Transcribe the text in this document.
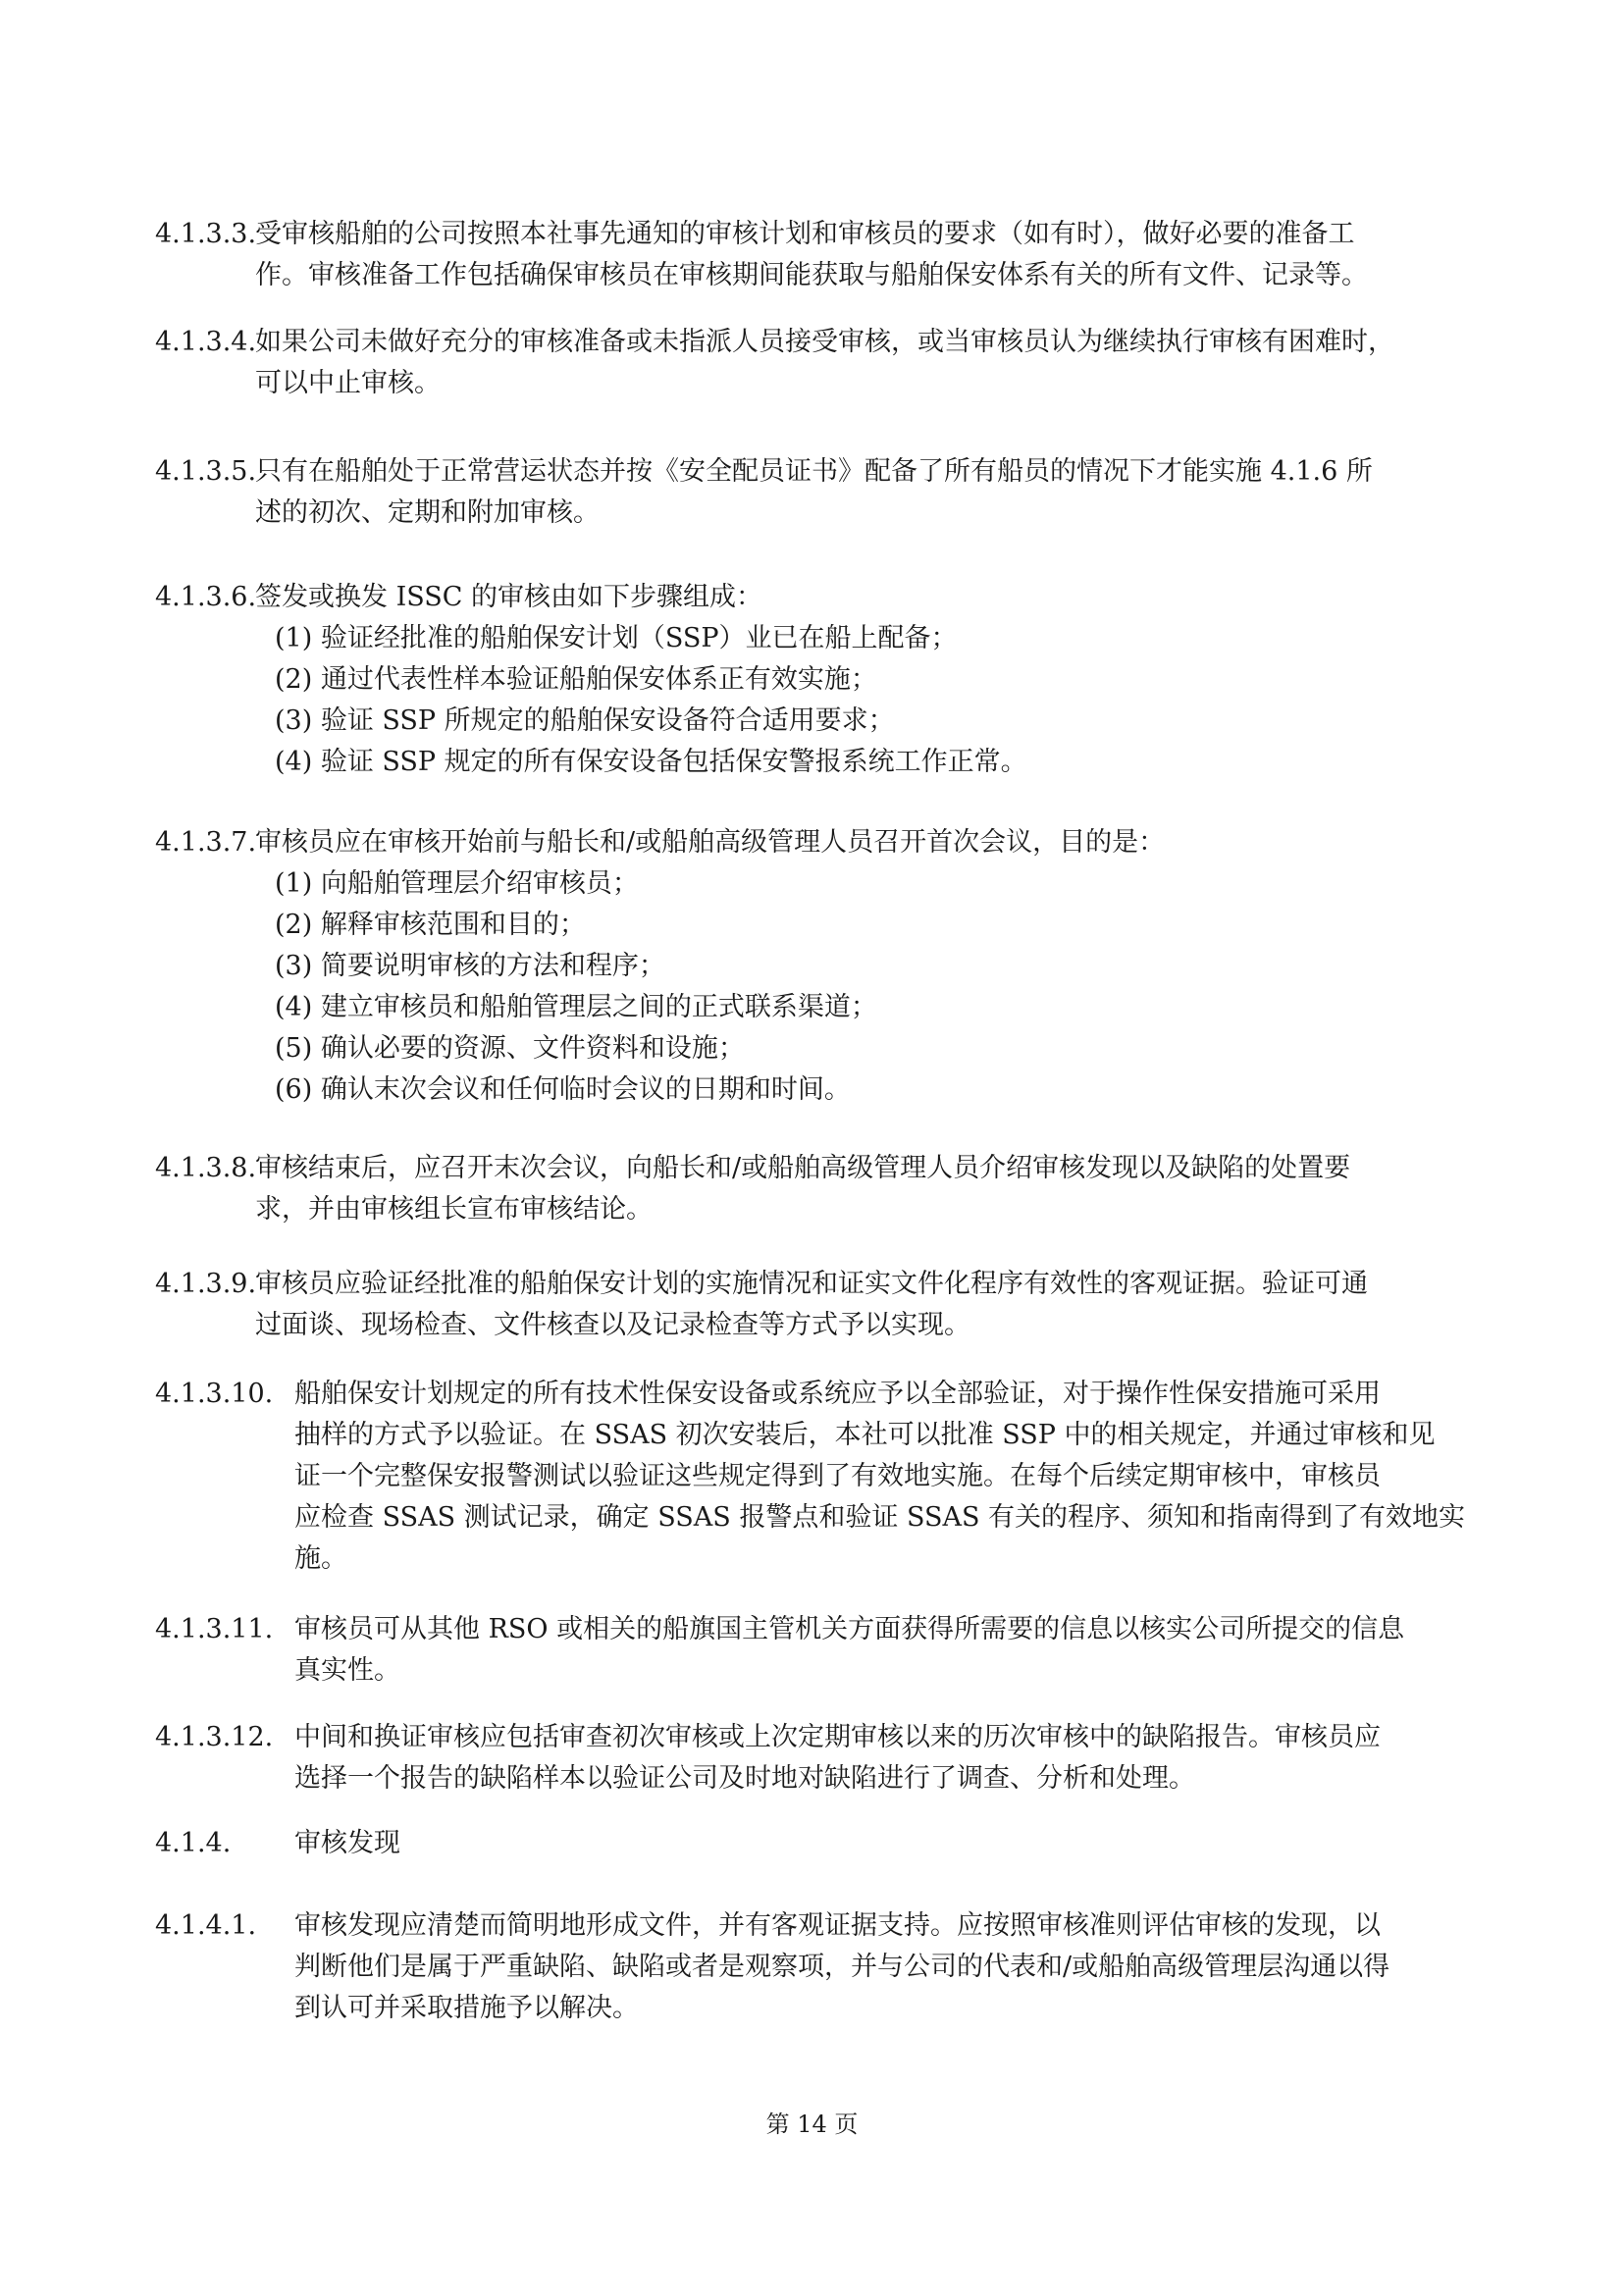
4.1.3.3.
受审核船舶的公司按照本社事先通知的审核计划和审核员的要求（如有时），做好必要的准备工
作。审核准备工作包括确保审核员在审核期间能获取与船舶保安体系有关的所有文件、记录等。
4.1.3.4.
如果公司未做好充分的审核准备或未指派人员接受审核，或当审核员认为继续执行审核有困难时，
可以中止审核。
4.1.3.5.
只有在船舶处于正常营运状态并按《安全配员证书》配备了所有船员的情况下才能实施 4.1.6 所
述的初次、定期和附加审核。
4.1.3.6.
签发或换发 ISSC 的审核由如下步骤组成：
(1) 验证经批准的船舶保安计划（SSP）业已在船上配备；
(2) 通过代表性样本验证船舶保安体系正有效实施；
(3) 验证 SSP 所规定的船舶保安设备符合适用要求；
(4) 验证 SSP 规定的所有保安设备包括保安警报系统工作正常。
4.1.3.7.
审核员应在审核开始前与船长和/或船舶高级管理人员召开首次会议，目的是：
(1) 向船舶管理层介绍审核员；
(2) 解释审核范围和目的；
(3) 简要说明审核的方法和程序；
(4) 建立审核员和船舶管理层之间的正式联系渠道；
(5) 确认必要的资源、文件资料和设施；
(6) 确认末次会议和任何临时会议的日期和时间。
4.1.3.8.
审核结束后，应召开末次会议，向船长和/或船舶高级管理人员介绍审核发现以及缺陷的处置要
求，并由审核组长宣布审核结论。
4.1.3.9.
审核员应验证经批准的船舶保安计划的实施情况和证实文件化程序有效性的客观证据。验证可通
过面谈、现场检查、文件核查以及记录检查等方式予以实现。
4.1.3.10. 船舶保安计划规定的所有技术性保安设备或系统应予以全部验证，对于操作性保安措施可采用
抽样的方式予以验证。在 SSAS 初次安装后，本社可以批准 SSP 中的相关规定，并通过审核和见
证一个完整保安报警测试以验证这些规定得到了有效地实施。在每个后续定期审核中，审核员
应检查 SSAS 测试记录，确定 SSAS 报警点和验证 SSAS 有关的程序、须知和指南得到了有效地实
施。
4.1.3.11. 审核员可从其他 RSO 或相关的船旗国主管机关方面获得所需要的信息以核实公司所提交的信息
真实性。
4.1.3.12. 中间和换证审核应包括审查初次审核或上次定期审核以来的历次审核中的缺陷报告。审核员应
选择一个报告的缺陷样本以验证公司及时地对缺陷进行了调查、分析和处理。
4.1.4. 审核发现
4.1.4.1. 审核发现应清楚而简明地形成文件，并有客观证据支持。应按照审核准则评估审核的发现，以
判断他们是属于严重缺陷、缺陷或者是观察项，并与公司的代表和/或船舶高级管理层沟通以得
到认可并采取措施予以解决。
第 14 页
